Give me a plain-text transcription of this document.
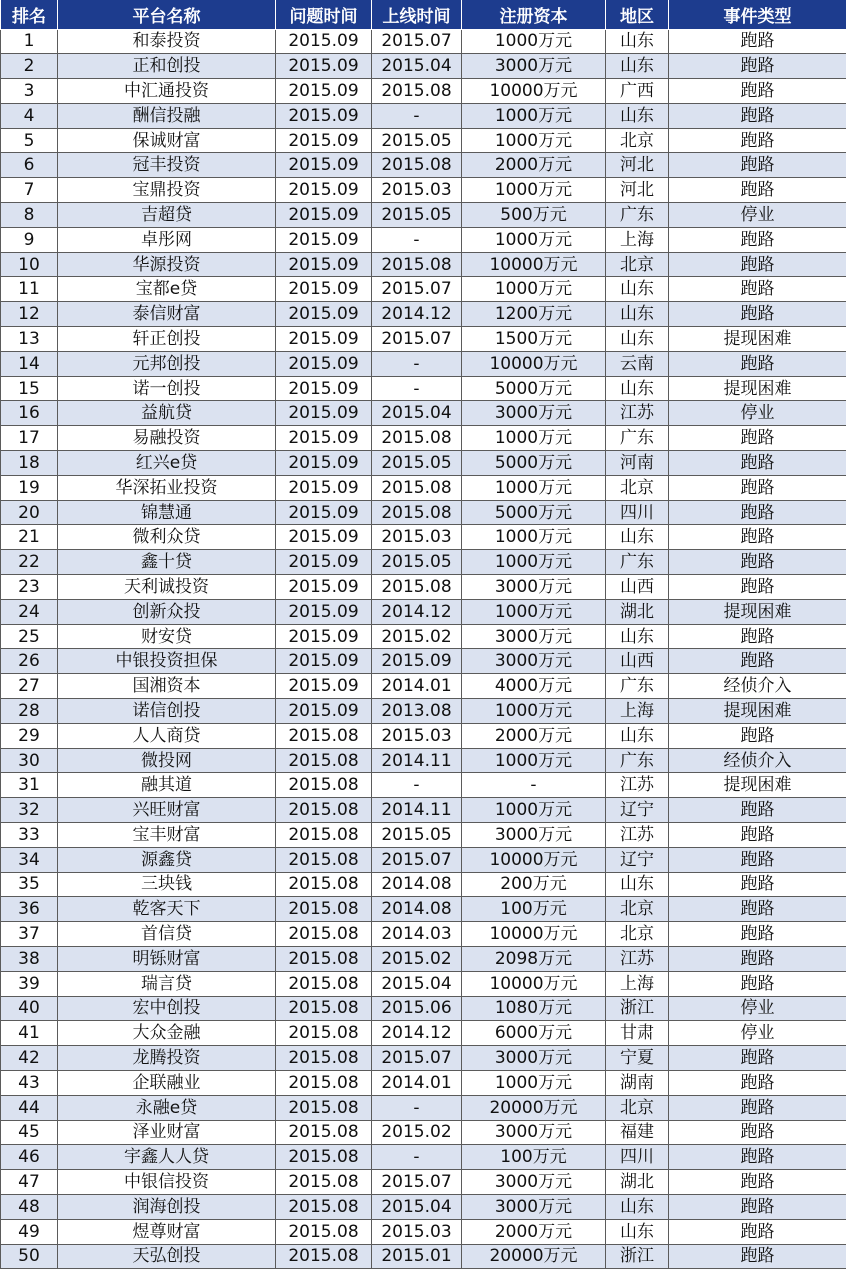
排名	平台名称	问题时间	上线时间	注册资本	地区	事件类型
1	和泰投资	2015.09	2015.07	1000万元	山东	跑路
2	正和创投	2015.09	2015.04	3000万元	山东	跑路
3	中汇通投资	2015.09	2015.08	10000万元	广西	跑路
4	酬信投融	2015.09	-	1000万元	山东	跑路
5	保诚财富	2015.09	2015.05	1000万元	北京	跑路
6	冠丰投资	2015.09	2015.08	2000万元	河北	跑路
7	宝鼎投资	2015.09	2015.03	1000万元	河北	跑路
8	吉超贷	2015.09	2015.05	500万元	广东	停业
9	卓彤网	2015.09	-	1000万元	上海	跑路
10	华源投资	2015.09	2015.08	10000万元	北京	跑路
11	宝都e贷	2015.09	2015.07	1000万元	山东	跑路
12	泰信财富	2015.09	2014.12	1200万元	山东	跑路
13	轩正创投	2015.09	2015.07	1500万元	山东	提现困难
14	元邦创投	2015.09	-	10000万元	云南	跑路
15	诺一创投	2015.09	-	5000万元	山东	提现困难
16	益航贷	2015.09	2015.04	3000万元	江苏	停业
17	易融投资	2015.09	2015.08	1000万元	广东	跑路
18	红兴e贷	2015.09	2015.05	5000万元	河南	跑路
19	华深拓业投资	2015.09	2015.08	1000万元	北京	跑路
20	锦慧通	2015.09	2015.08	5000万元	四川	跑路
21	微利众贷	2015.09	2015.03	1000万元	山东	跑路
22	鑫十贷	2015.09	2015.05	1000万元	广东	跑路
23	天利诚投资	2015.09	2015.08	3000万元	山西	跑路
24	创新众投	2015.09	2014.12	1000万元	湖北	提现困难
25	财安贷	2015.09	2015.02	3000万元	山东	跑路
26	中银投资担保	2015.09	2015.09	3000万元	山西	跑路
27	国湘资本	2015.09	2014.01	4000万元	广东	经侦介入
28	诺信创投	2015.09	2013.08	1000万元	上海	提现困难
29	人人商贷	2015.08	2015.03	2000万元	山东	跑路
30	微投网	2015.08	2014.11	1000万元	广东	经侦介入
31	融其道	2015.08	-	-	江苏	提现困难
32	兴旺财富	2015.08	2014.11	1000万元	辽宁	跑路
33	宝丰财富	2015.08	2015.05	3000万元	江苏	跑路
34	源鑫贷	2015.08	2015.07	10000万元	辽宁	跑路
35	三块钱	2015.08	2014.08	200万元	山东	跑路
36	乾客天下	2015.08	2014.08	100万元	北京	跑路
37	首信贷	2015.08	2014.03	10000万元	北京	跑路
38	明铄财富	2015.08	2015.02	2098万元	江苏	跑路
39	瑞言贷	2015.08	2015.04	10000万元	上海	跑路
40	宏中创投	2015.08	2015.06	1080万元	浙江	停业
41	大众金融	2015.08	2014.12	6000万元	甘肃	停业
42	龙腾投资	2015.08	2015.07	3000万元	宁夏	跑路
43	企联融业	2015.08	2014.01	1000万元	湖南	跑路
44	永融e贷	2015.08	-	20000万元	北京	跑路
45	泽业财富	2015.08	2015.02	3000万元	福建	跑路
46	宇鑫人人贷	2015.08	-	100万元	四川	跑路
47	中银信投资	2015.08	2015.07	3000万元	湖北	跑路
48	润海创投	2015.08	2015.04	3000万元	山东	跑路
49	煜尊财富	2015.08	2015.03	2000万元	山东	跑路
50	天弘创投	2015.08	2015.01	20000万元	浙江	跑路
